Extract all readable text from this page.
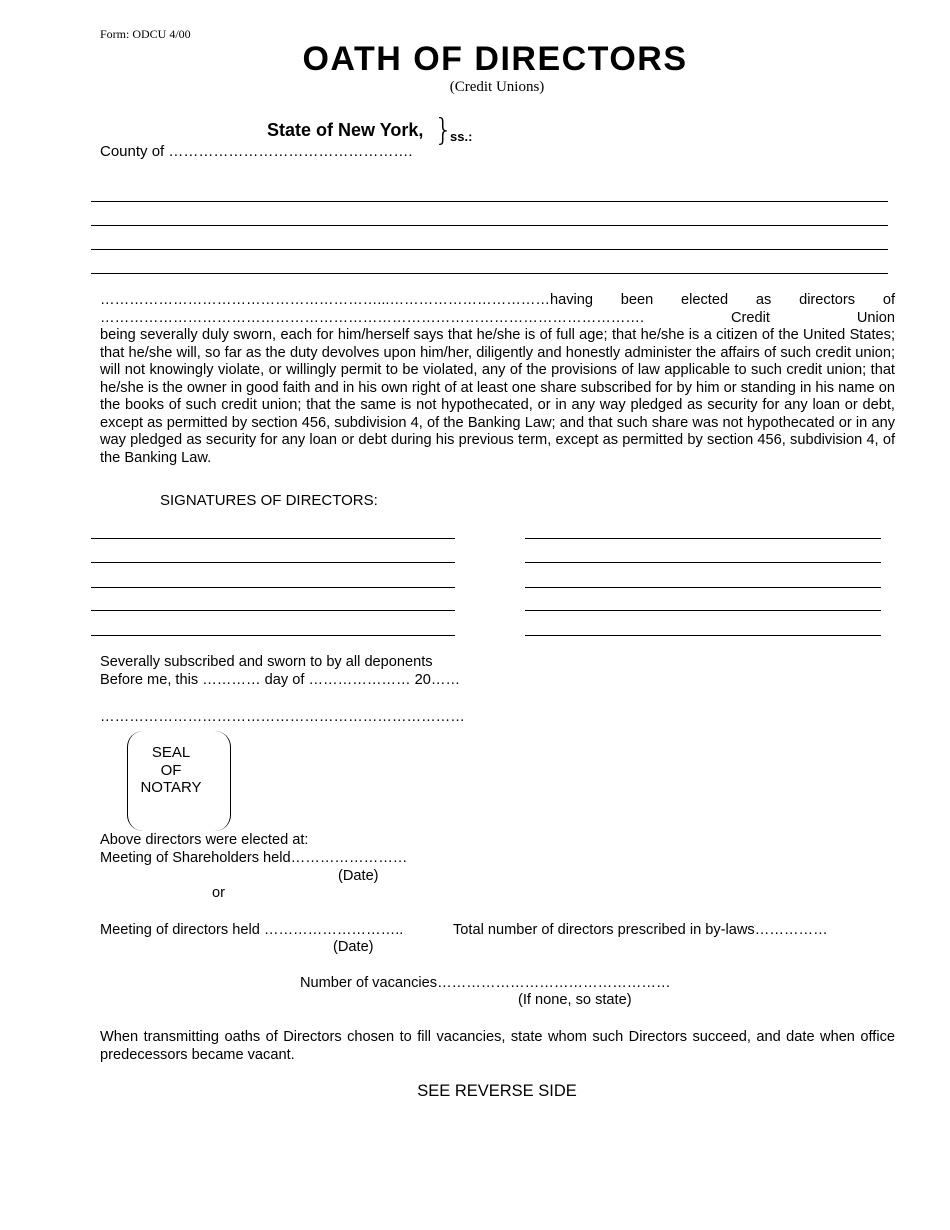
Form: ODCU 4/00
OATH OF DIRECTORS
(Credit Unions)
State of New York,
County of ………………………………………….
}
ss.:
…………………………………………………...……………………………having been elected as directors of
…………………………………………………………………………………………………. Credit Union
being severally duly sworn, each for him/herself says that he/she is of full age; that he/she is a citizen of the United States; that he/she will, so far as the duty devolves upon him/her, diligently and honestly administer the affairs of such credit union; will not knowingly violate, or willingly permit to be violated, any of the provisions of law applicable to such credit union; that he/she is the owner in good faith and in his own right of at least one share subscribed for by him or standing in his name on the books of such credit union; that the same is not hypothecated, or in any way pledged as security for any loan or debt, except as permitted by section 456, subdivision 4, of the Banking Law; and that such share was not hypothecated or in any way pledged as security for any loan or debt during his previous term, except as permitted by section 456, subdivision 4, of the Banking Law.
SIGNATURES OF DIRECTORS:
Severally subscribed and sworn to by all deponents
Before me, this ………… day of ………………… 20……
…………………………………………………………………
SEAL
OF
NOTARY
Above directors were elected at:
Meeting of Shareholders held……………………
(Date)
or
Meeting of directors held ………………………..	Total number of directors prescribed in by-laws……………
(Date)
Number of vacancies…………………………………………
(If none, so state)
When transmitting oaths of Directors chosen to fill vacancies, state whom such Directors succeed, and date when office predecessors became vacant.
SEE REVERSE SIDE
